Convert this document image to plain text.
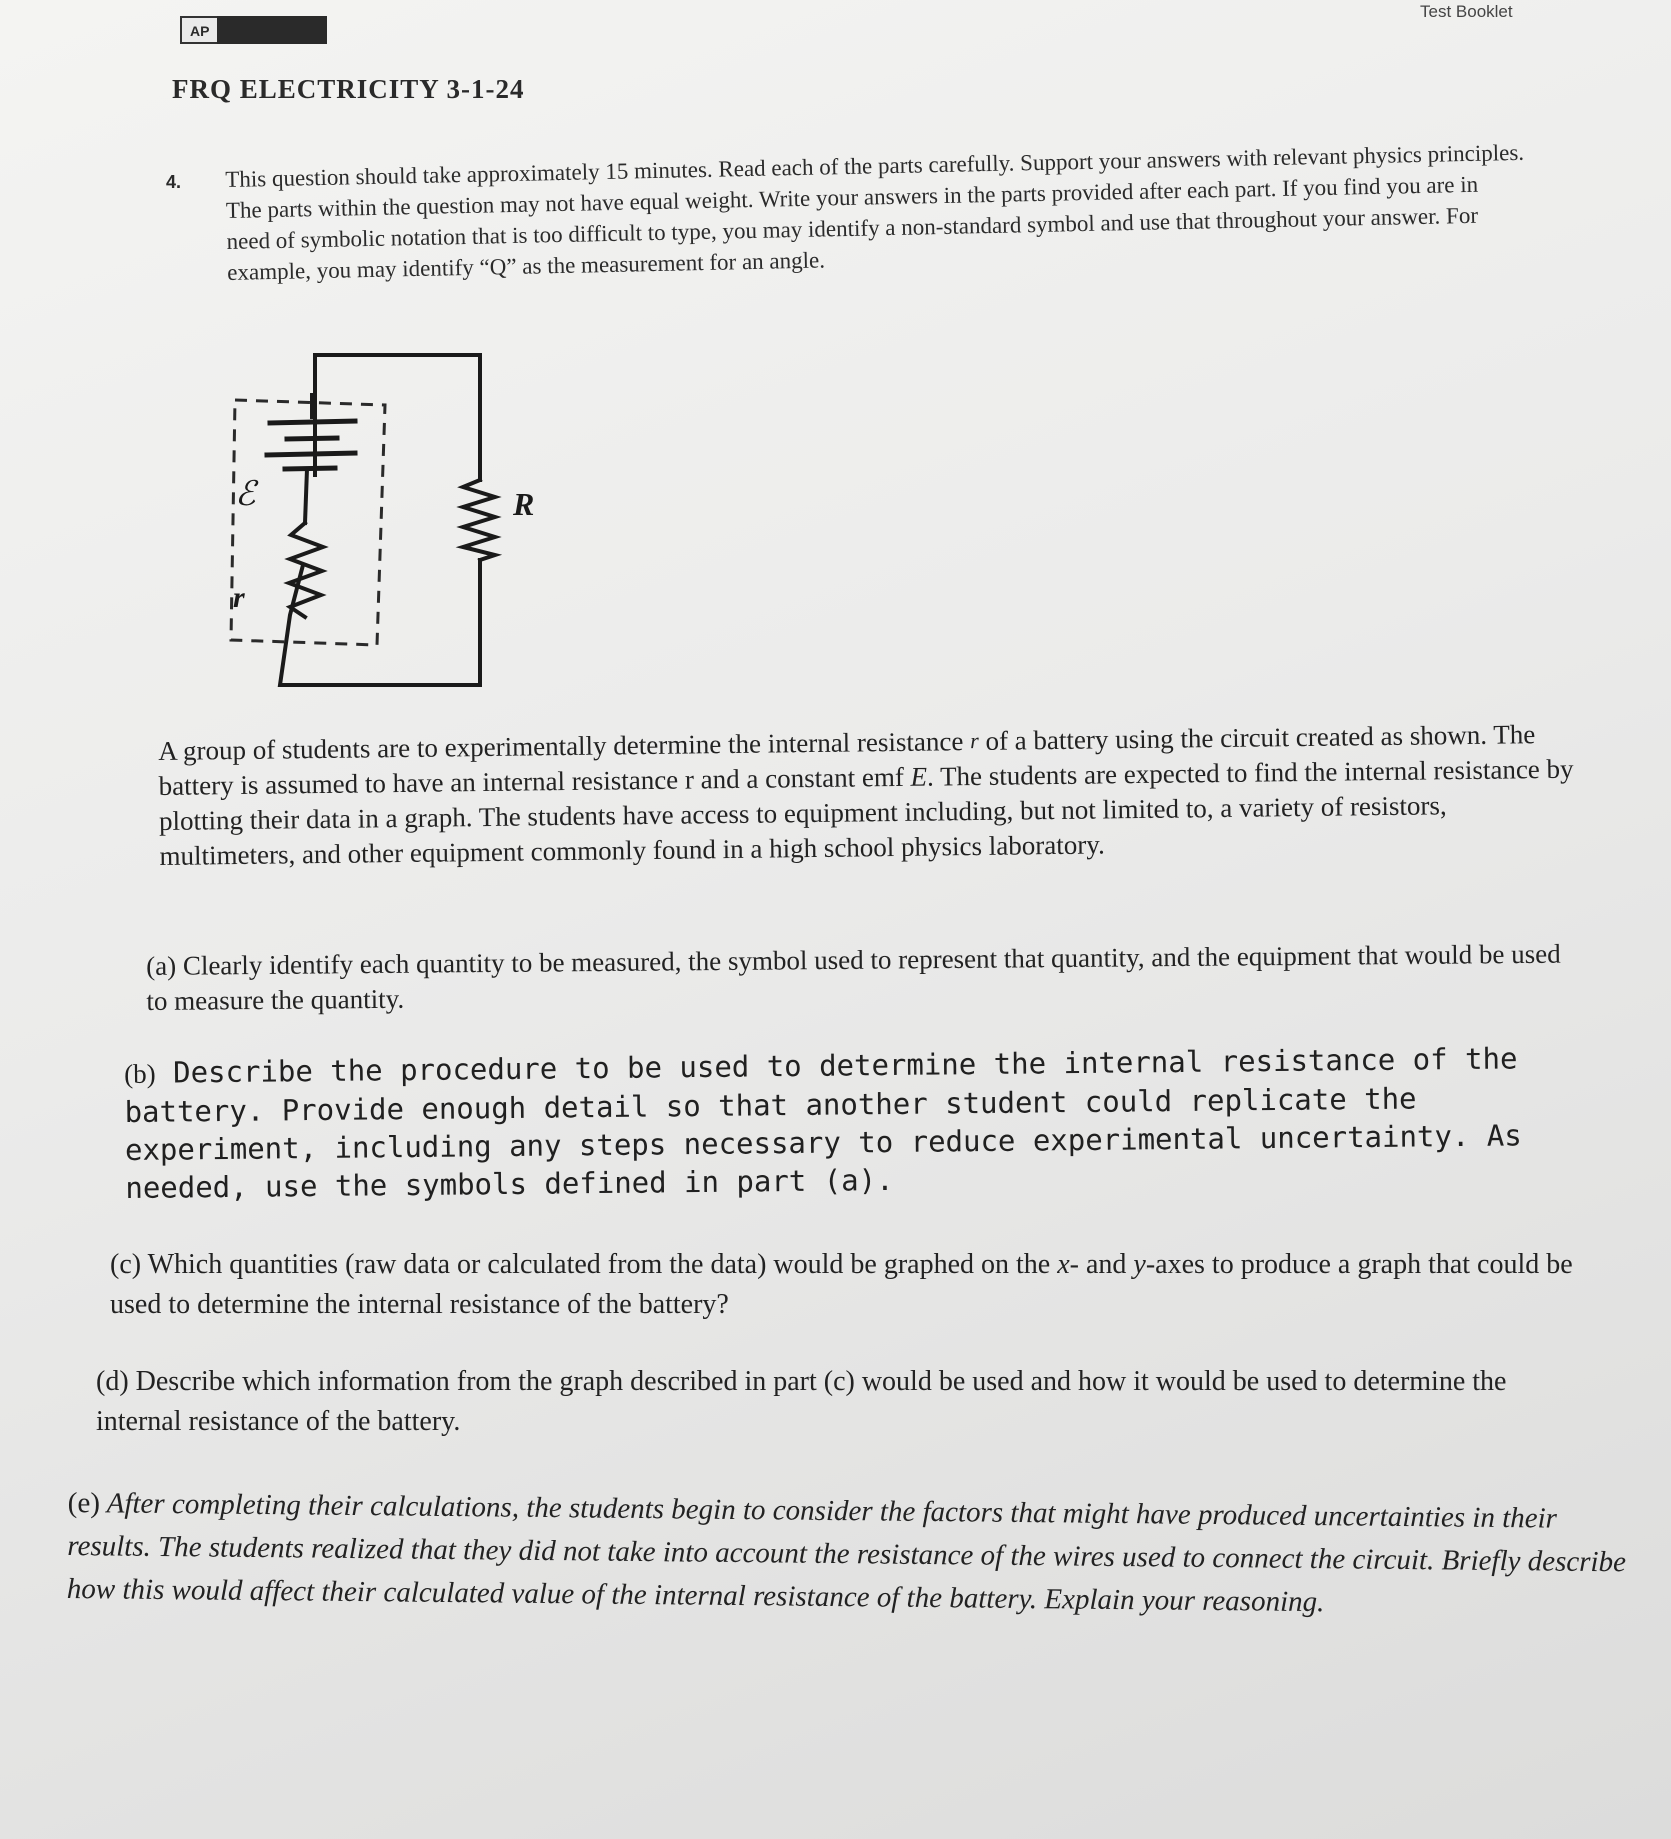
AP

Test Booklet
FRQ ELECTRICITY 3-1-24
4. This question should take approximately 15 minutes. Read each of the parts carefully. Support your answers with relevant physics principles. The parts within the question may not have equal weight. Write your answers in the parts provided after each part. If you find you are in need of symbolic notation that is too difficult to type, you may identify a non-standard symbol and use that throughout your answer. For example, you may identify “Q” as the measurement for an angle.

ℰ
r
R

A group of students are to experimentally determine the internal resistance r of a battery using the circuit created as shown. The battery is assumed to have an internal resistance r and a constant emf E. The students are expected to find the internal resistance by plotting their data in a graph. The students have access to equipment including, but not limited to, a variety of resistors, multimeters, and other equipment commonly found in a high school physics laboratory.

(a) Clearly identify each quantity to be measured, the symbol used to represent that quantity, and the equipment that would be used to measure the quantity.

(b) Describe the procedure to be used to determine the internal resistance of the battery. Provide enough detail so that another student could replicate the experiment, including any steps necessary to reduce experimental uncertainty. As needed, use the symbols defined in part (a).

(c) Which quantities (raw data or calculated from the data) would be graphed on the x- and y-axes to produce a graph that could be used to determine the internal resistance of the battery?

(d) Describe which information from the graph described in part (c) would be used and how it would be used to determine the internal resistance of the battery.

(e) After completing their calculations, the students begin to consider the factors that might have produced uncertainties in their results. The students realized that they did not take into account the resistance of the wires used to connect the circuit. Briefly describe how this would affect their calculated value of the internal resistance of the battery. Explain your reasoning.
